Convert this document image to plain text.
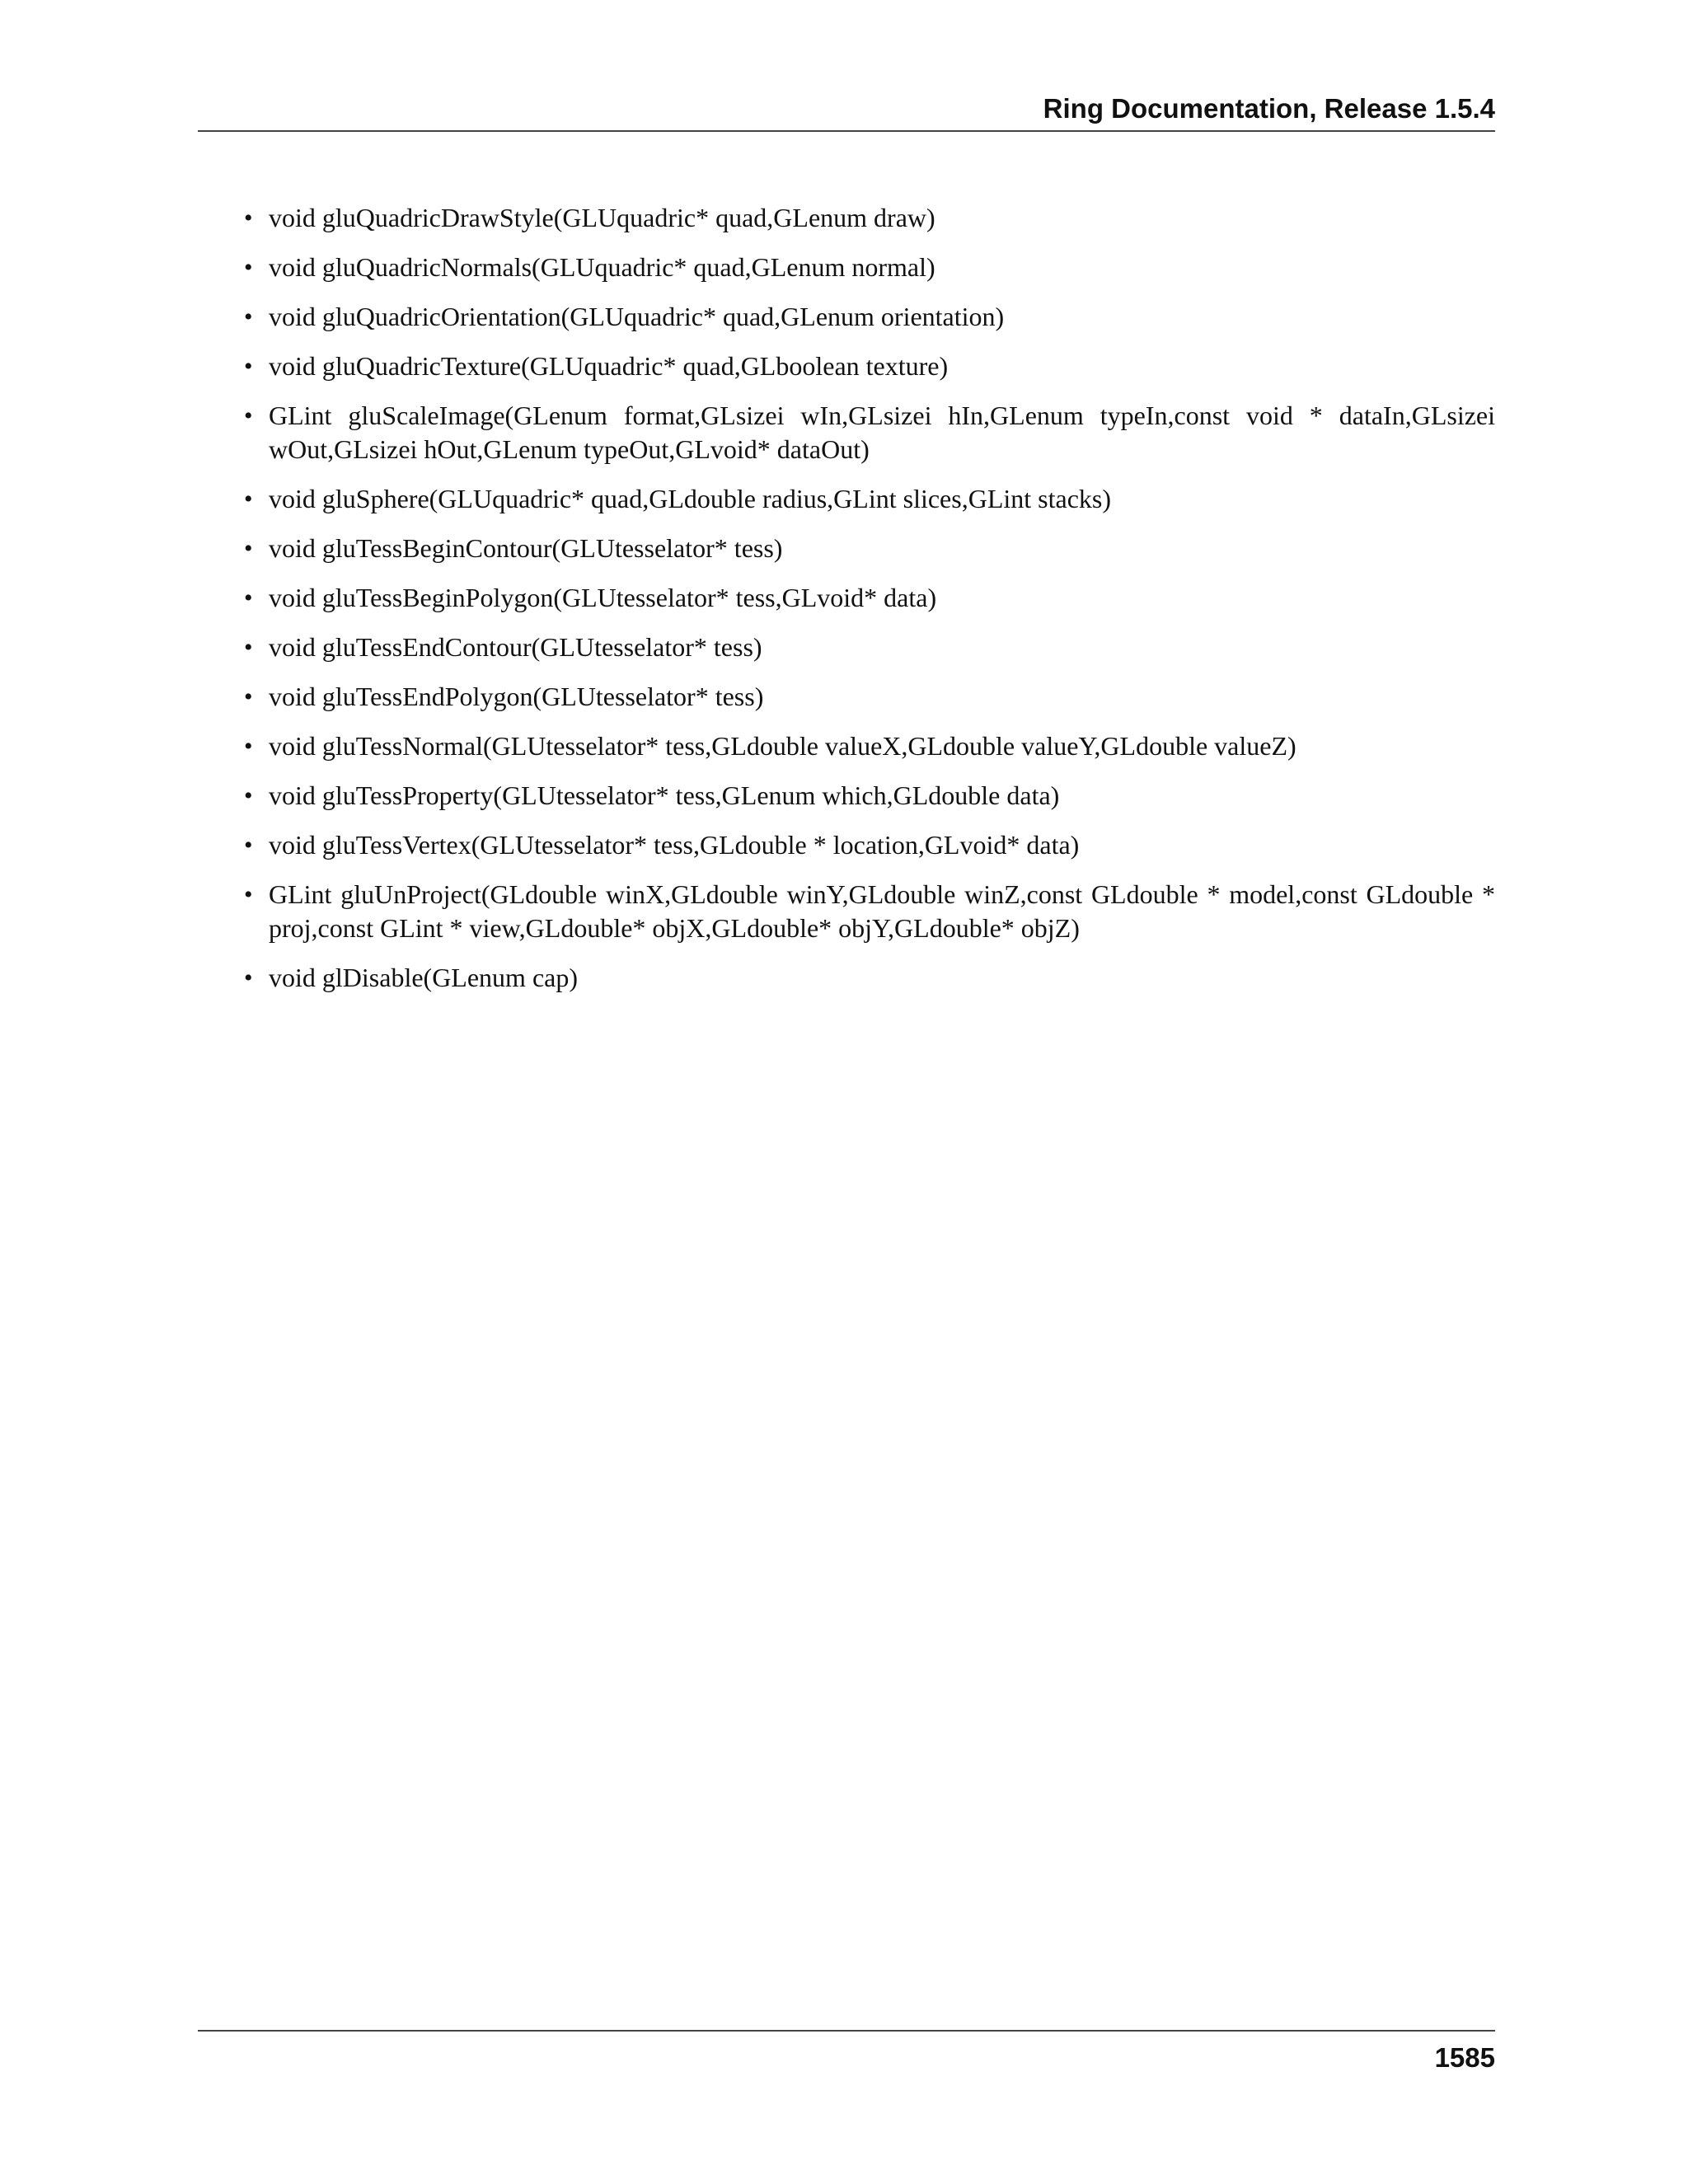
Ring Documentation, Release 1.5.4
• void gluQuadricDrawStyle(GLUquadric* quad,GLenum draw)
• void gluQuadricNormals(GLUquadric* quad,GLenum normal)
• void gluQuadricOrientation(GLUquadric* quad,GLenum orientation)
• void gluQuadricTexture(GLUquadric* quad,GLboolean texture)
• GLint gluScaleImage(GLenum format,GLsizei wIn,GLsizei hIn,GLenum typeIn,const void * dataIn,GLsizei wOut,GLsizei hOut,GLenum typeOut,GLvoid* dataOut)
• void gluSphere(GLUquadric* quad,GLdouble radius,GLint slices,GLint stacks)
• void gluTessBeginContour(GLUtesselator* tess)
• void gluTessBeginPolygon(GLUtesselator* tess,GLvoid* data)
• void gluTessEndContour(GLUtesselator* tess)
• void gluTessEndPolygon(GLUtesselator* tess)
• void gluTessNormal(GLUtesselator* tess,GLdouble valueX,GLdouble valueY,GLdouble valueZ)
• void gluTessProperty(GLUtesselator* tess,GLenum which,GLdouble data)
• void gluTessVertex(GLUtesselator* tess,GLdouble * location,GLvoid* data)
• GLint gluUnProject(GLdouble winX,GLdouble winY,GLdouble winZ,const GLdouble * model,const GLdouble * proj,const GLint * view,GLdouble* objX,GLdouble* objY,GLdouble* objZ)
• void glDisable(GLenum cap)
1585
